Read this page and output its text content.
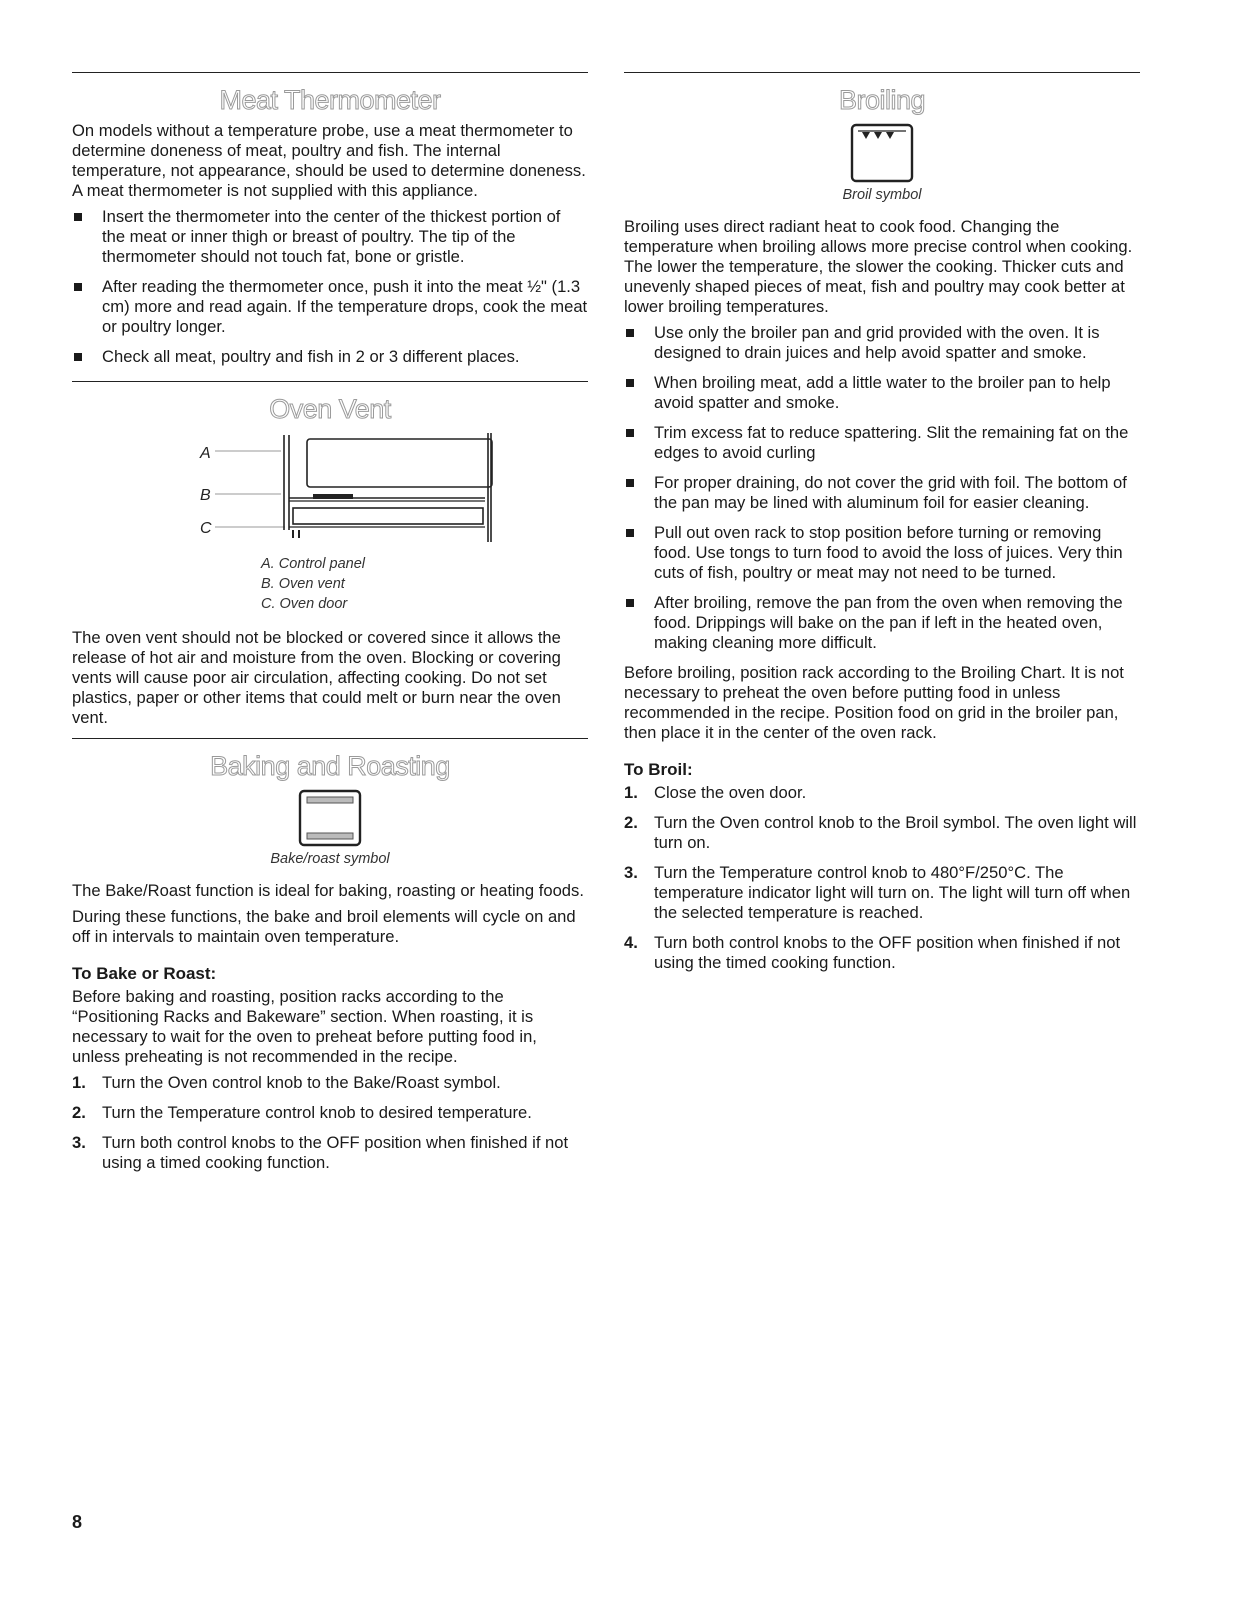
Meat Thermometer

On models without a temperature probe, use a meat thermometer to determine doneness of meat, poultry and fish. The internal temperature, not appearance, should be used to determine doneness. A meat thermometer is not supplied with this appliance.

Insert the thermometer into the center of the thickest portion of the meat or inner thigh or breast of poultry. The tip of the thermometer should not touch fat, bone or gristle.
After reading the thermometer once, push it into the meat ½" (1.3 cm) more and read again. If the temperature drops, cook the meat or poultry longer.
Check all meat, poultry and fish in 2 or 3 different places.
Oven Vent
A
B
C
A. Control panel
B. Oven vent
C. Oven door

The oven vent should not be blocked or covered since it allows the release of hot air and moisture from the oven. Blocking or covering vents will cause poor air circulation, affecting cooking. Do not set plastics, paper or other items that could melt or burn near the oven vent.

Baking and Roasting
Bake/roast symbol

The Bake/Roast function is ideal for baking, roasting or heating foods.

During these functions, the bake and broil elements will cycle on and off in intervals to maintain oven temperature.

To Bake or Roast:

Before baking and roasting, position racks according to the “Positioning Racks and Bakeware” section. When roasting, it is necessary to wait for the oven to preheat before putting food in, unless preheating is not recommended in the recipe.

1. Turn the Oven control knob to the Bake/Roast symbol.
2. Turn the Temperature control knob to desired temperature.
3. Turn both control knobs to the OFF position when finished if not using a timed cooking function.
Broiling
Broil symbol

Broiling uses direct radiant heat to cook food. Changing the temperature when broiling allows more precise control when cooking. The lower the temperature, the slower the cooking. Thicker cuts and unevenly shaped pieces of meat, fish and poultry may cook better at lower broiling temperatures.

Use only the broiler pan and grid provided with the oven. It is designed to drain juices and help avoid spatter and smoke.
When broiling meat, add a little water to the broiler pan to help avoid spatter and smoke.
Trim excess fat to reduce spattering. Slit the remaining fat on the edges to avoid curling
For proper draining, do not cover the grid with foil. The bottom of the pan may be lined with aluminum foil for easier cleaning.
Pull out oven rack to stop position before turning or removing food. Use tongs to turn food to avoid the loss of juices. Very thin cuts of fish, poultry or meat may not need to be turned.
After broiling, remove the pan from the oven when removing the food. Drippings will bake on the pan if left in the heated oven, making cleaning more difficult.

Before broiling, position rack according to the Broiling Chart. It is not necessary to preheat the oven before putting food in unless recommended in the recipe. Position food on grid in the broiler pan, then place it in the center of the oven rack.

To Broil:
1. Close the oven door.
2. Turn the Oven control knob to the Broil symbol. The oven light will turn on.
3. Turn the Temperature control knob to 480°F/250°C. The temperature indicator light will turn on. The light will turn off when the selected temperature is reached.
4. Turn both control knobs to the OFF position when finished if not using the timed cooking function.
8
